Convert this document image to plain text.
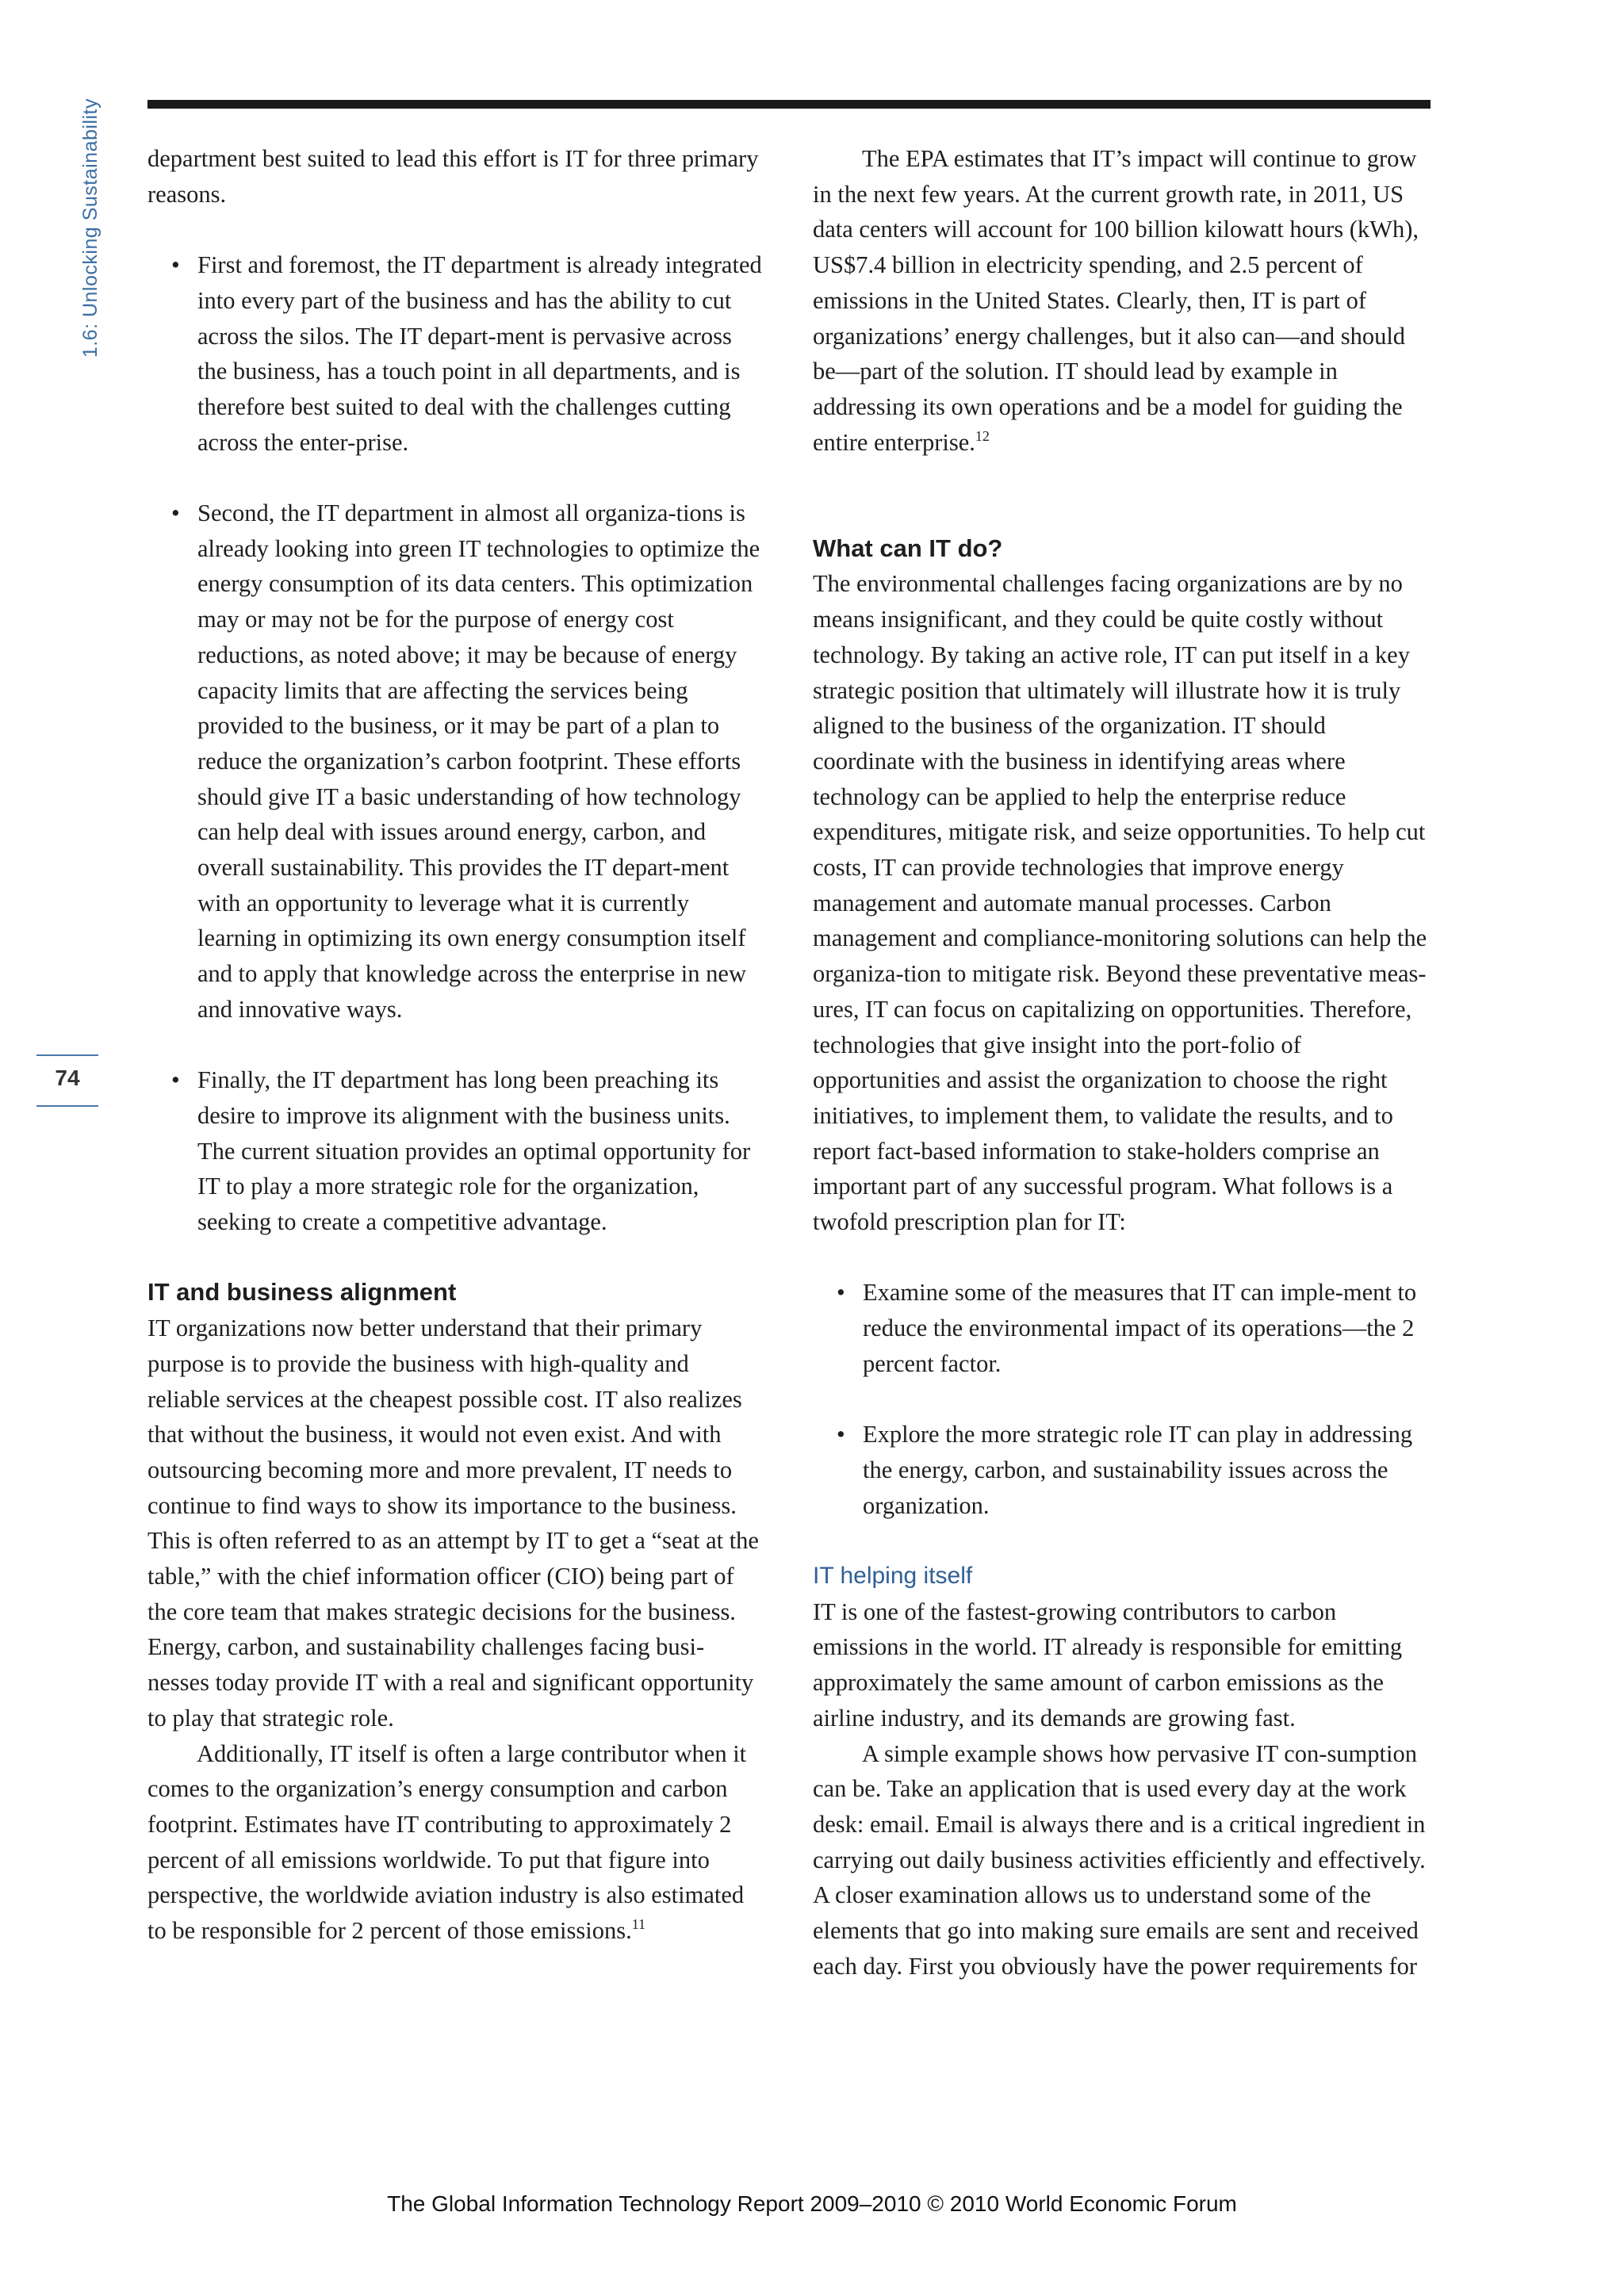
1.6: Unlocking Sustainability
74

department best suited to lead this effort is IT for three primary reasons.

• First and foremost, the IT department is already integrated into every part of the business and has the ability to cut across the silos. The IT depart-ment is pervasive across the business, has a touch point in all departments, and is therefore best suited to deal with the challenges cutting across the enter-prise.
• Second, the IT department in almost all organiza-tions is already looking into green IT technologies to optimize the energy consumption of its data centers. This optimization may or may not be for the purpose of energy cost reductions, as noted above; it may be because of energy capacity limits that are affecting the services being provided to the business, or it may be part of a plan to reduce the organization’s carbon footprint. These efforts should give IT a basic understanding of how technology can help deal with issues around energy, carbon, and overall sustainability. This provides the IT depart-ment with an opportunity to leverage what it is currently learning in optimizing its own energy consumption itself and to apply that knowledge across the enterprise in new and innovative ways.
• Finally, the IT department has long been preaching its desire to improve its alignment with the business units. The current situation provides an optimal opportunity for IT to play a more strategic role for the organization, seeking to create a competitive advantage.
IT and business alignment

IT organizations now better understand that their primary purpose is to provide the business with high-quality and reliable services at the cheapest possible cost. IT also realizes that without the business, it would not even exist. And with outsourcing becoming more and more prevalent, IT needs to continue to find ways to show its importance to the business. This is often referred to as an attempt by IT to get a “seat at the table,” with the chief information officer (CIO) being part of the core team that makes strategic decisions for the business. Energy, carbon, and sustainability challenges facing busi-nesses today provide IT with a real and significant opportunity to play that strategic role.

Additionally, IT itself is often a large contributor when it comes to the organization’s energy consumption and carbon footprint. Estimates have IT contributing to approximately 2 percent of all emissions worldwide. To put that figure into perspective, the worldwide aviation industry is also estimated to be responsible for 2 percent of those emissions.$^{11}$

The EPA estimates that IT’s impact will continue to grow in the next few years. At the current growth rate, in 2011, US data centers will account for 100 billion kilowatt hours (kWh), US$7.4 billion in electricity spending, and 2.5 percent of emissions in the United States. Clearly, then, IT is part of organizations’ energy challenges, but it also can—and should be—part of the solution. IT should lead by example in addressing its own operations and be a model for guiding the entire enterprise.$^{12}$

What can IT do?

The environmental challenges facing organizations are by no means insignificant, and they could be quite costly without technology. By taking an active role, IT can put itself in a key strategic position that ultimately will illustrate how it is truly aligned to the business of the organization. IT should coordinate with the business in identifying areas where technology can be applied to help the enterprise reduce expenditures, mitigate risk, and seize opportunities. To help cut costs, IT can provide technologies that improve energy management and automate manual processes. Carbon management and compliance-monitoring solutions can help the organiza-tion to mitigate risk. Beyond these preventative meas-ures, IT can focus on capitalizing on opportunities. Therefore, technologies that give insight into the port-folio of opportunities and assist the organization to choose the right initiatives, to implement them, to validate the results, and to report fact-based information to stake-holders comprise an important part of any successful program. What follows is a twofold prescription plan for IT:

• Examine some of the measures that IT can imple-ment to reduce the environmental impact of its operations—the 2 percent factor.
• Explore the more strategic role IT can play in addressing the energy, carbon, and sustainability issues across the organization.
IT helping itself

IT is one of the fastest-growing contributors to carbon emissions in the world. IT already is responsible for emitting approximately the same amount of carbon emissions as the airline industry, and its demands are growing fast.

A simple example shows how pervasive IT con-sumption can be. Take an application that is used every day at the work desk: email. Email is always there and is a critical ingredient in carrying out daily business activities efficiently and effectively. A closer examination allows us to understand some of the elements that go into making sure emails are sent and received each day. First you obviously have the power requirements for

The Global Information Technology Report 2009–2010 © 2010 World Economic Forum
